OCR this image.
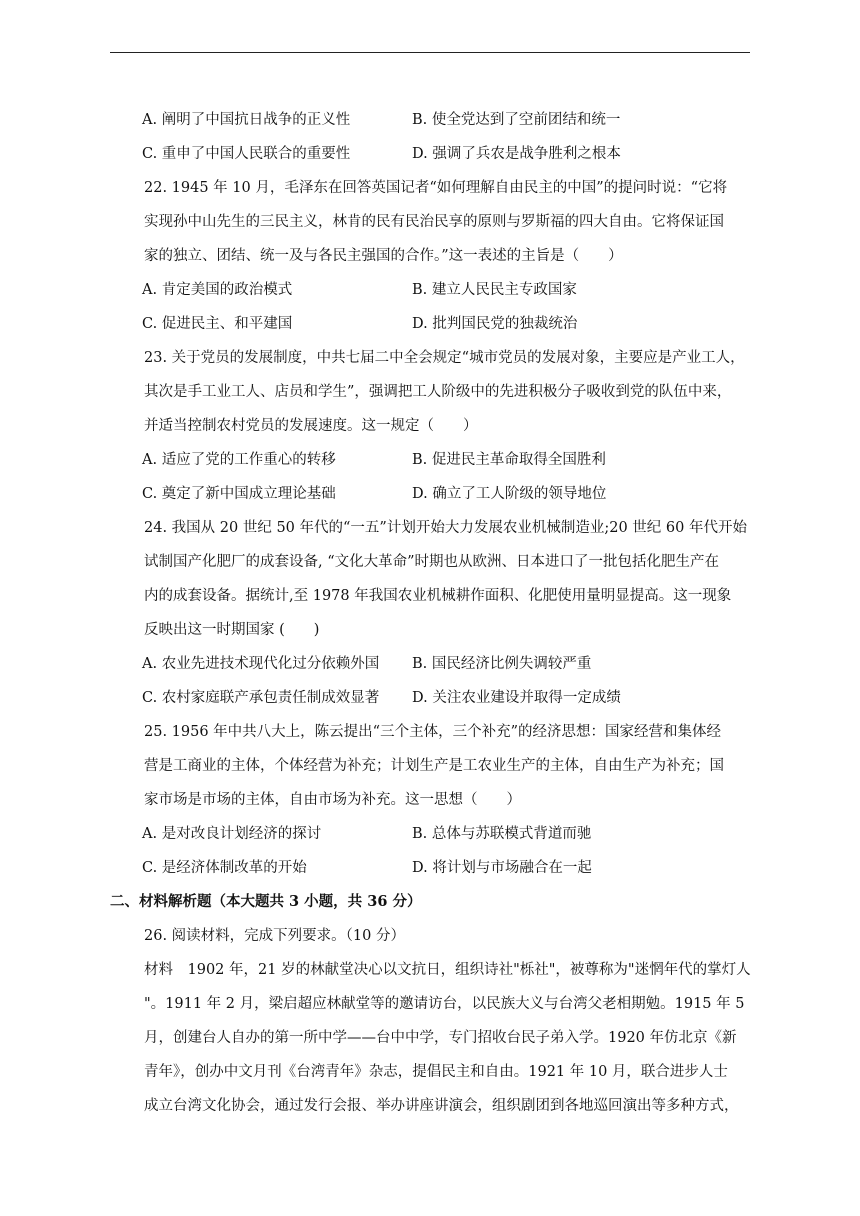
A. 阐明了中国抗日战争的正义性	B. 使全党达到了空前团结和统一
C. 重申了中国人民联合的重要性	D. 强调了兵农是战争胜利之根本
22. 1945 年 10 月，毛泽东在回答英国记者“如何理解自由民主的中国”的提问时说：“它将
实现孙中山先生的三民主义，林肯的民有民治民享的原则与罗斯福的四大自由。它将保证国
家的独立、团结、统一及与各民主强国的合作。”这一表述的主旨是（　　）
A. 肯定美国的政治模式	B. 建立人民民主专政国家
C. 促进民主、和平建国	D. 批判国民党的独裁统治
23. 关于党员的发展制度，中共七届二中全会规定“城市党员的发展对象，主要应是产业工人，
其次是手工业工人、店员和学生”，强调把工人阶级中的先进积极分子吸收到党的队伍中来，
并适当控制农村党员的发展速度。这一规定（　　）
A. 适应了党的工作重心的转移	B. 促进民主革命取得全国胜利
C. 奠定了新中国成立理论基础	D. 确立了工人阶级的领导地位
24. 我国从 20 世纪 50 年代的“一五”计划开始大力发展农业机械制造业;20 世纪 60 年代开始
试制国产化肥厂的成套设备, “文化大革命”时期也从欧洲、日本进口了一批包括化肥生产在
内的成套设备。据统计,至 1978 年我国农业机械耕作面积、化肥使用量明显提高。这一现象
反映出这一时期国家 (　　)
A. 农业先进技术现代化过分依赖外国 B. 国民经济比例失调较严重
C. 农村家庭联产承包责任制成效显著 D. 关注农业建设并取得一定成绩
25. 1956 年中共八大上，陈云提出“三个主体，三个补充”的经济思想：国家经营和集体经
营是工商业的主体，个体经营为补充；计划生产是工农业生产的主体，自由生产为补充；国
家市场是市场的主体，自由市场为补充。这一思想（　　）
A. 是对改良计划经济的探讨	B. 总体与苏联模式背道而驰
C. 是经济体制改革的开始	D. 将计划与市场融合在一起
二、材料解析题（本大题共 3 小题，共 36 分）
26. 阅读材料，完成下列要求。（10 分）
材料　1902 年，21 岁的林献堂决心以文抗日，组织诗社"栎社"，被尊称为"迷惘年代的掌灯人
"。1911 年 2 月，梁启超应林献堂等的邀请访台，以民族大义与台湾父老相期勉。1915 年 5
月，创建台人自办的第一所中学——台中中学，专门招收台民子弟入学。1920 年仿北京《新
青年》，创办中文月刊《台湾青年》杂志，提倡民主和自由。1921 年 10 月，联合进步人士
成立台湾文化协会，通过发行会报、举办讲座讲演会，组织剧团到各地巡回演出等多种方式，
